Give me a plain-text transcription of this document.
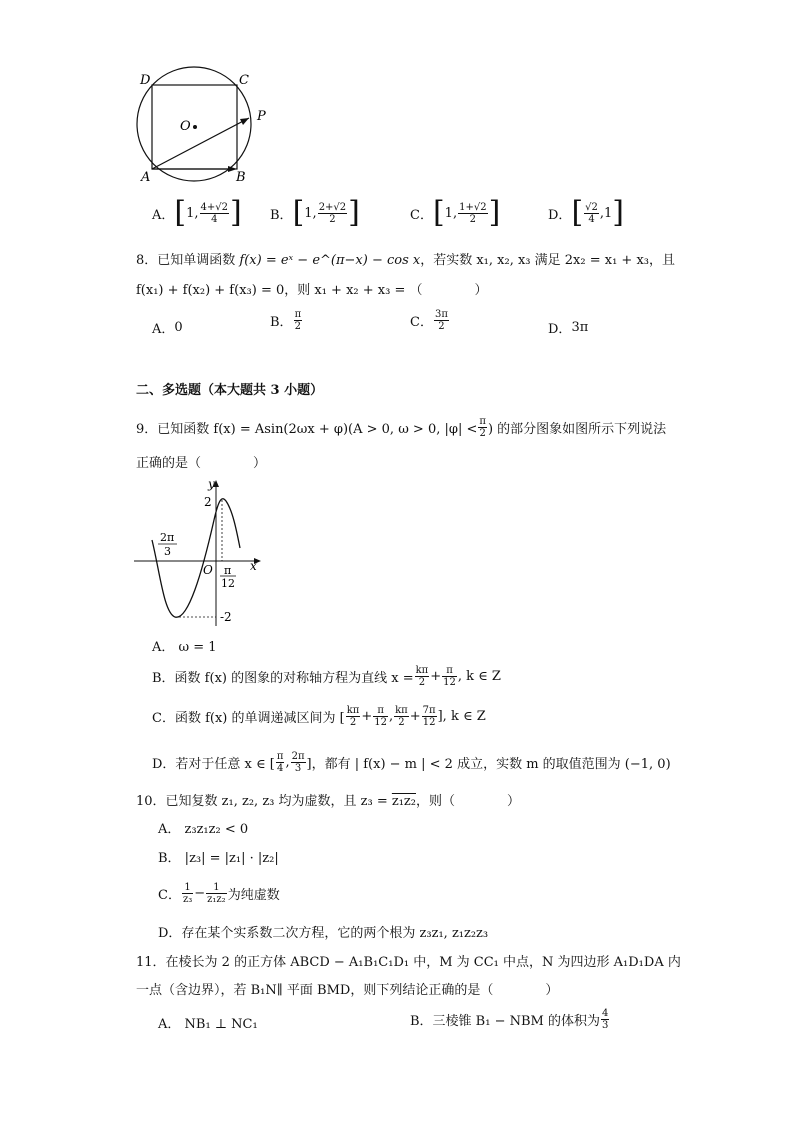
D	C
O
P
A	B
A． [ 1, $\frac{4+√2}{4}$ ] B． [ 1, $\frac{2+√2}{2}$ ]	C． [ 1, $\frac{1+√2}{2}$ ]	D． [ $\frac{√2}{4} ,1$ ]
8．已知单调函数 f(x) = eˣ − e^(π−x) − cos x，若实数 x₁, x₂, x₃ 满足 2x₂ = x₁ + x₃，且
f(x₁) + f(x₂) + f(x₃) = 0，则 x₁ + x₂ + x₃ = （　　　　）
A． 0	B． $\frac{\pi}{2}$	C． $\frac{3\pi}{2}$	D． 3π
二、多选题（本大题共 3 小题）
9．已知函数 f(x) = Asin(2ωx + φ)(A > 0, ω > 0, $|\varphi| < \frac{\pi}{2}$ ) 的部分图象如图所示下列说法
正确的是（　　　　）
y
x
O
2
-2
2π
3
π
12
A． ω = 1
B．函数 f(x) 的图象的对称轴方程为直线 $x = \frac{k\pi}{2} + \frac{\pi}{12}$ , k ∈ Z
C．函数 f(x) 的单调递减区间为 [ $\frac{k\pi}{2} + \frac{\pi}{12}$ , $\frac{k\pi}{2} + \frac{7\pi}{12}$ ], k ∈ Z
D．若对于任意 x ∈ [ $\frac{\pi}{4}$ , $\frac{2\pi}{3}$ ]，都有 | f(x) − m | < 2 成立，实数 m 的取值范围为 (−1, 0)
10．已知复数 z₁, z₂, z₃ 均为虚数，且 z₃ = z₁z₂，则（　　　　）
A． z₃z₁z₂ < 0
B． |z₃| = |z₁| · |z₂|
C． $\frac{1}{\text{z₃}} - \frac{1}{\text{z₁z₂}}$ 为纯虚数
D．存在某个实系数二次方程，它的两个根为 z₃z₁, z₁z₂z₃
11．在棱长为 2 的正方体 ABCD − A₁B₁C₁D₁ 中，M 为 CC₁ 中点，N 为四边形 A₁D₁DA 内
一点（含边界），若 B₁N∥ 平面 BMD，则下列结论正确的是（　　　　）
A． NB₁ ⊥ NC₁	B．三棱锥 B₁ − NBM 的体积为 $\frac{4}{3}$
